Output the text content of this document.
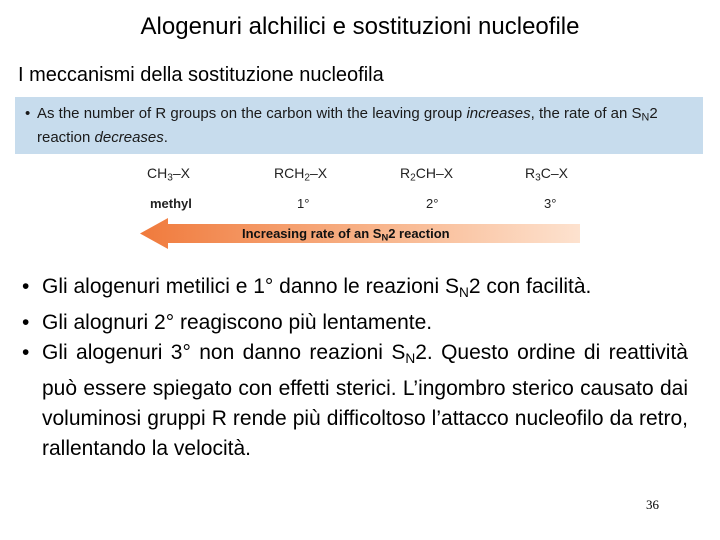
Alogenuri alchilici e sostituzioni nucleofile
I meccanismi della sostituzione nucleofila
• As the number of R groups on the carbon with the leaving group increases, the rate of an $S_N2$ reaction decreases.
$CH_3-X$	$RCH_2-X$	$R_2CH-X$	$R_3C-X$
methyl	1°	2°	3°
Increasing rate of an $S_N2$ reaction
• Gli alogenuri metilici e 1° danno le reazioni SN2 con facilità.
• Gli alognuri 2° reagiscono più lentamente.
• Gli alogenuri 3° non danno reazioni SN2. Questo ordine di reattività può essere spiegato con effetti sterici. L’ingombro sterico causato dai voluminosi gruppi R rende più difficoltoso l’attacco nucleofilo da retro, rallentando la velocità.
36
